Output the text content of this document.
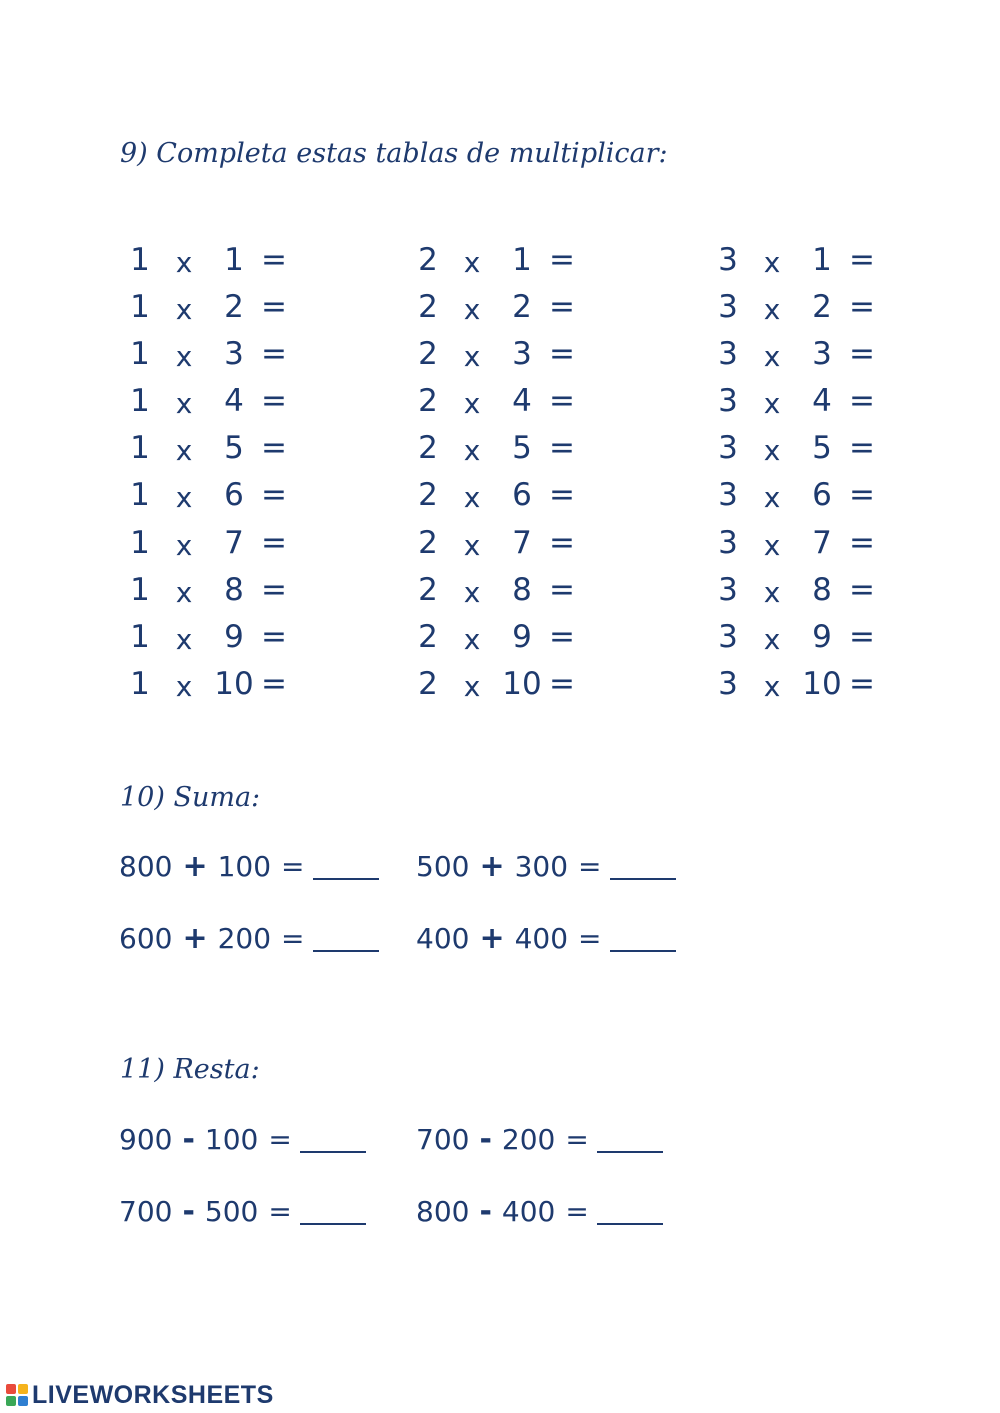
9) Completa estas tablas de multiplicar:
1 x	1 =
1 x	2 =
1 x	3 =
1 x	4 =
1 x	5 =
1 x	6 =
1 x	7 =
1 x	8 =
1 x	9 =
1 x 10 =
2 x	1 =
2 x	2 =
2 x	3 =
2 x	4 =
2 x	5 =
2 x	6 =
2 x	7 =
2 x	8 =
2 x	9 =
2 x 10 =
3 x	1 =
3 x	2 =
3 x	3 =
3 x	4 =
3 x	5 =
3 x	6 =
3 x	7 =
3 x	8 =
3 x	9 =
3 x 10 =
10) Suma:
800 + 100 =	500 + 300 =
600 + 200 =	400 + 400 =
11) Resta:
900 - 100 =	700 - 200 =
700 - 500 =	800 - 400 =
LIVEWORKSHEETS
